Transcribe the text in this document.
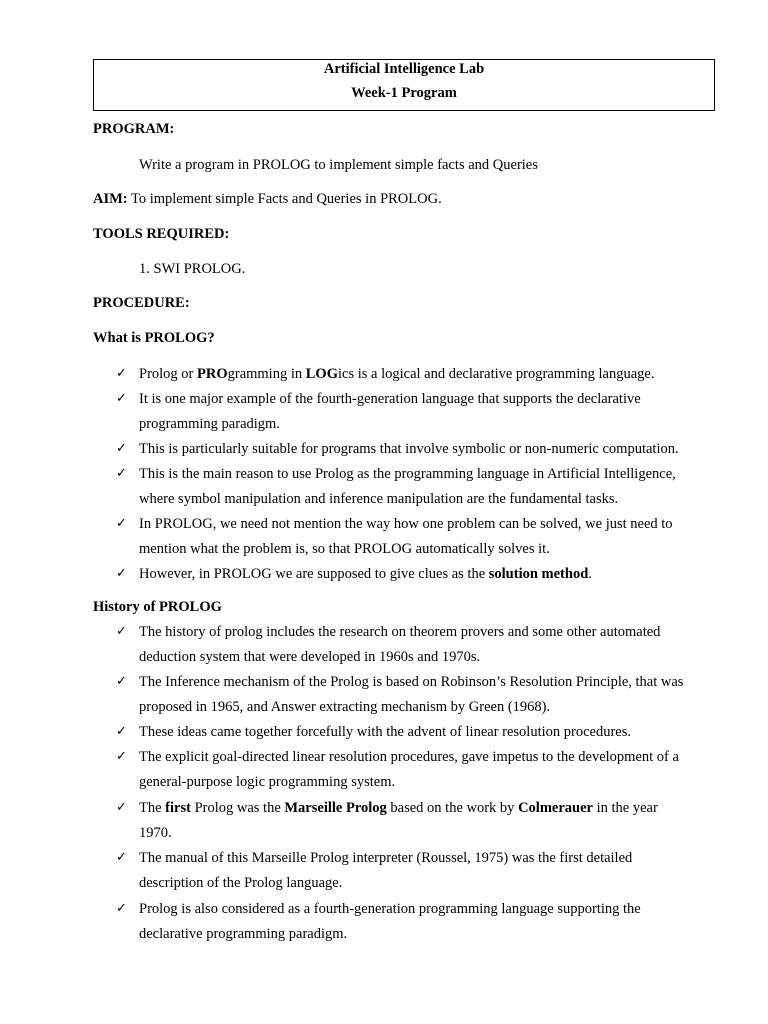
Artificial Intelligence Lab
Week-1 Program
PROGRAM:
Write a program in PROLOG to implement simple facts and Queries
AIM: To implement simple Facts and Queries in PROLOG.
TOOLS REQUIRED:
1. SWI PROLOG.
PROCEDURE:
What is PROLOG?
✓ Prolog or PROgramming in LOGics is a logical and declarative programming language.
✓ It is one major example of the fourth-generation language that supports the declarative
programming paradigm.
✓ This is particularly suitable for programs that involve symbolic or non-numeric computation.
✓ This is the main reason to use Prolog as the programming language in Artificial Intelligence,
where symbol manipulation and inference manipulation are the fundamental tasks.
✓ In PROLOG, we need not mention the way how one problem can be solved, we just need to
mention what the problem is, so that PROLOG automatically solves it.
✓ However, in PROLOG we are supposed to give clues as the solution method.
History of PROLOG
✓ The history of prolog includes the research on theorem provers and some other automated
deduction system that were developed in 1960s and 1970s.
✓ The Inference mechanism of the Prolog is based on Robinson’s Resolution Principle, that was
proposed in 1965, and Answer extracting mechanism by Green (1968).
✓ These ideas came together forcefully with the advent of linear resolution procedures.
✓ The explicit goal-directed linear resolution procedures, gave impetus to the development of a
general-purpose logic programming system.
✓ The first Prolog was the Marseille Prolog based on the work by Colmerauer in the year
1970.
✓ The manual of this Marseille Prolog interpreter (Roussel, 1975) was the first detailed
description of the Prolog language.
✓ Prolog is also considered as a fourth-generation programming language supporting the
declarative programming paradigm.
